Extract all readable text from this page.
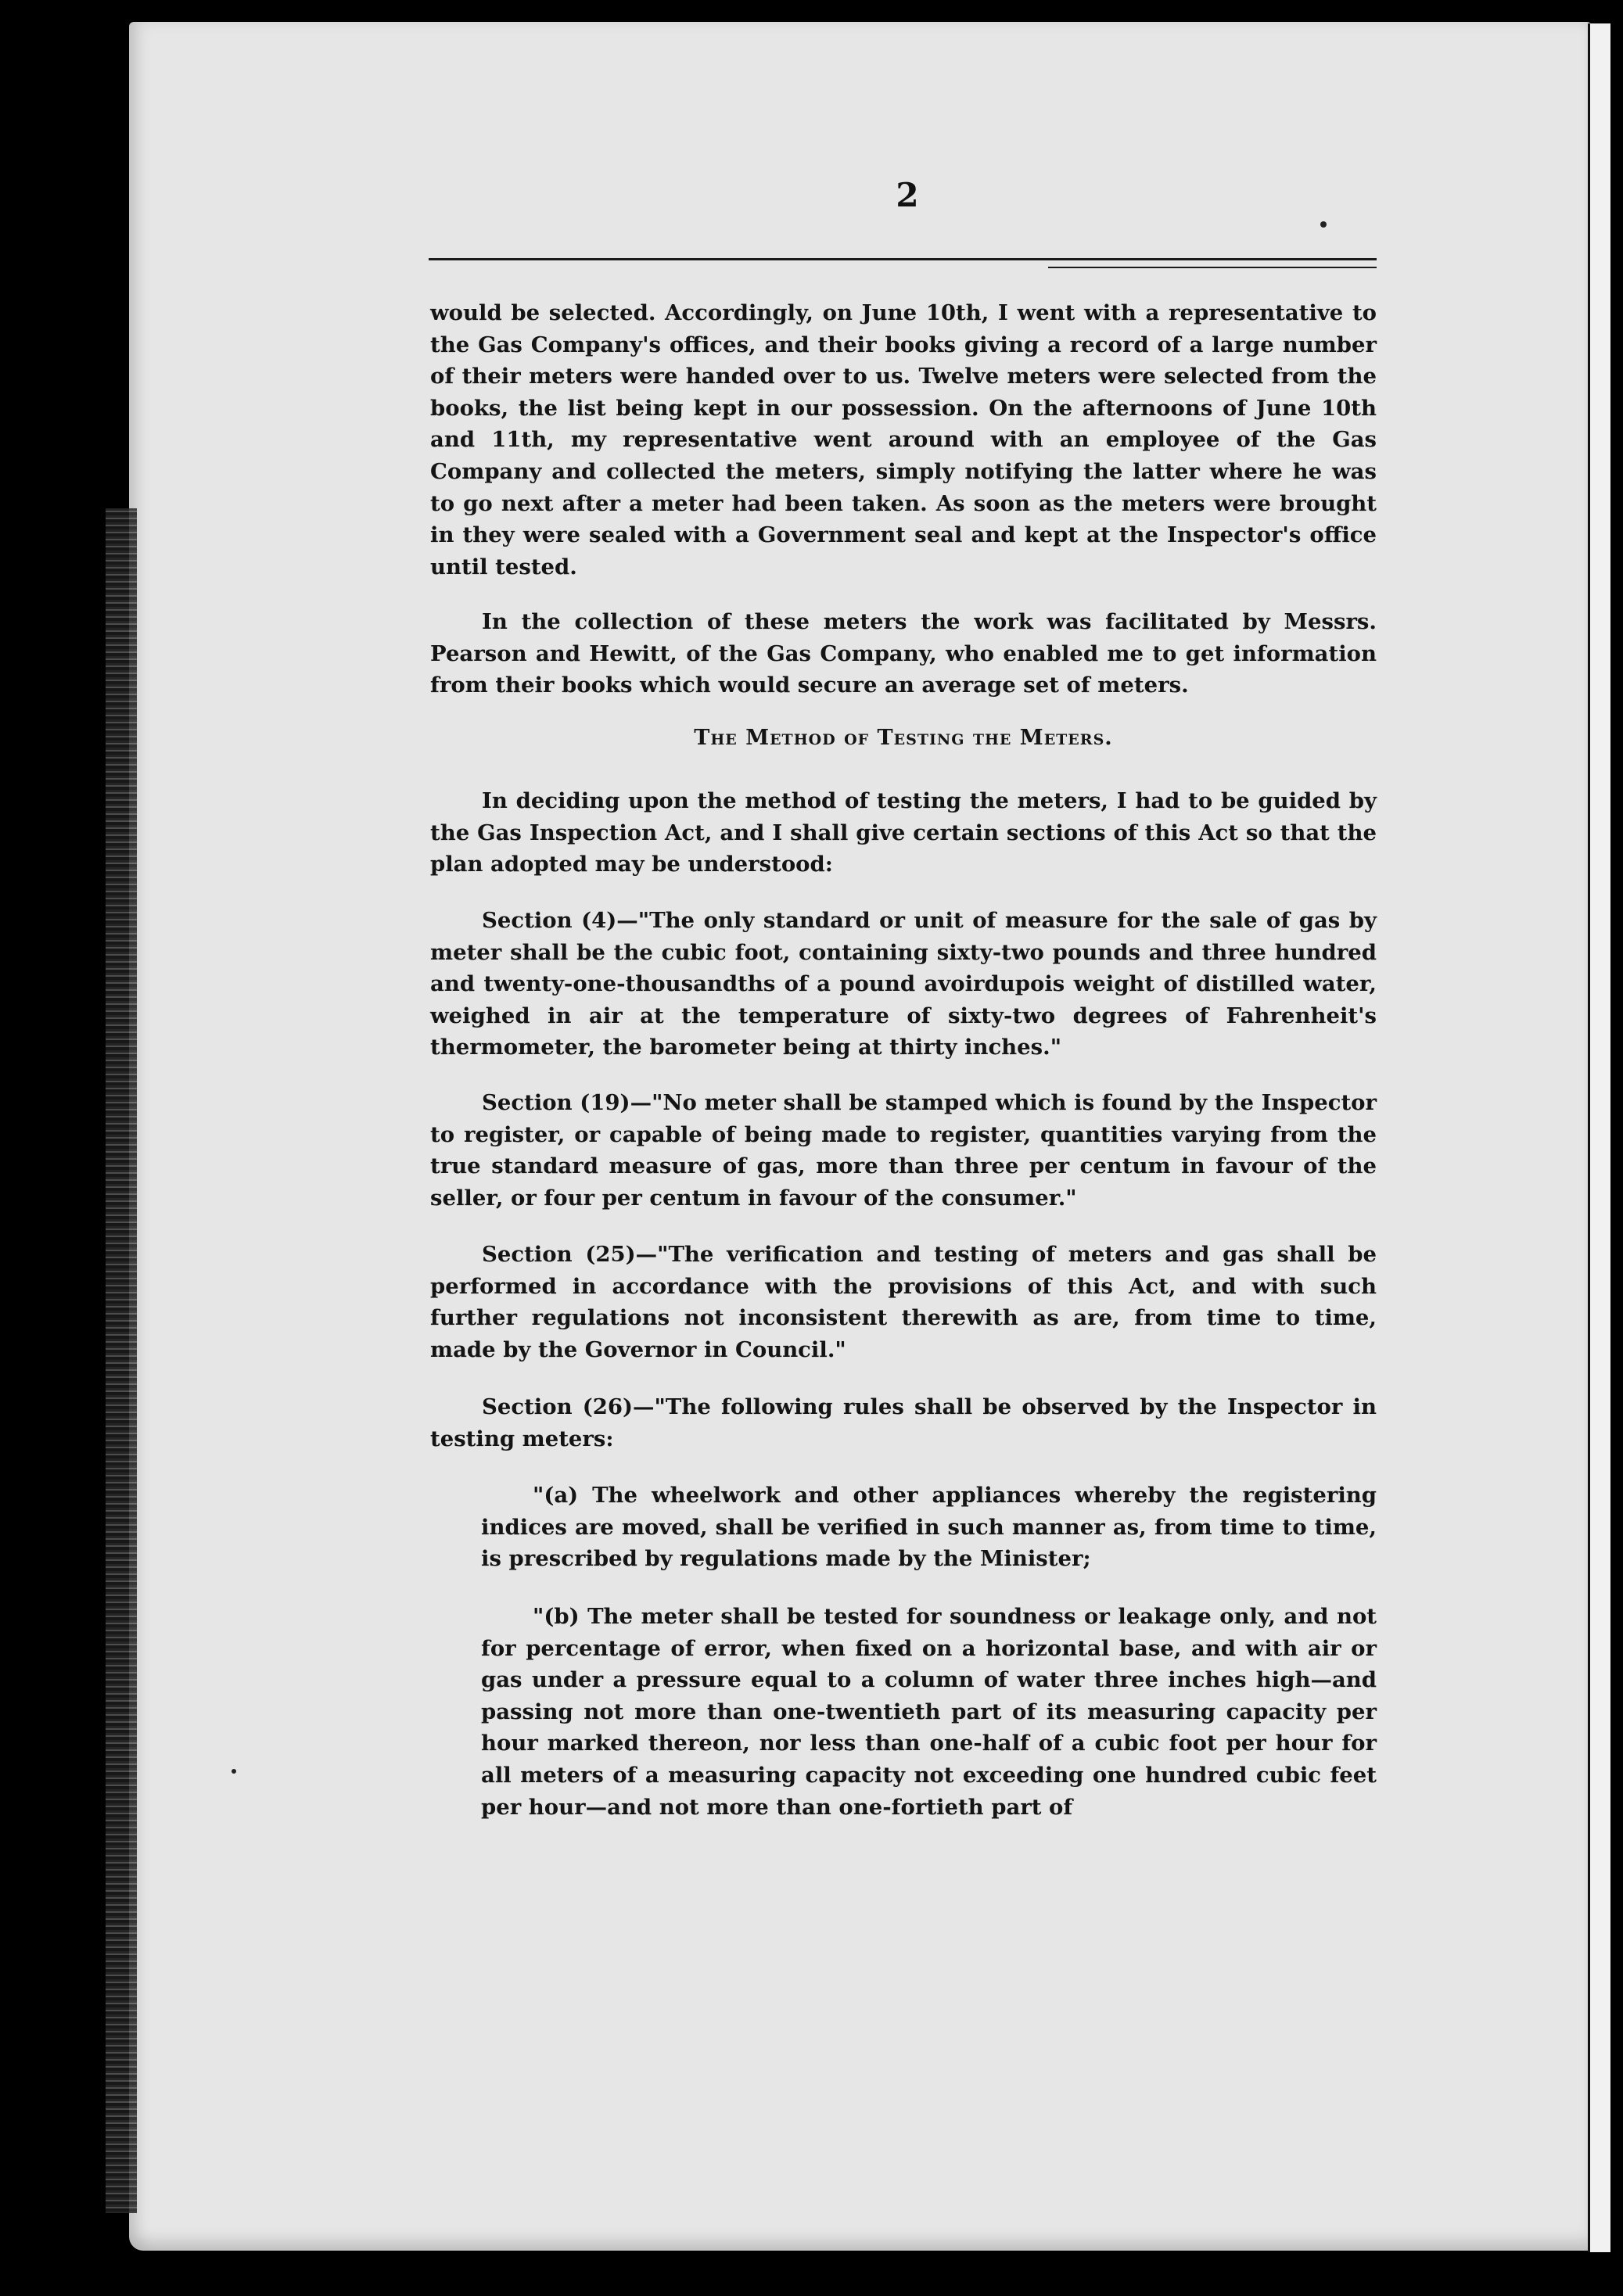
2

would be selected. Accordingly, on June 10th, I went with a representative to the Gas Company's offices, and their books giving a record of a large number of their meters were handed over to us. Twelve meters were selected from the books, the list being kept in our possession. On the afternoons of June 10th and 11th, my representative went around with an employee of the Gas Company and collected the meters, simply notifying the latter where he was to go next after a meter had been taken. As soon as the meters were brought in they were sealed with a Government seal and kept at the Inspector's office until tested.

In the collection of these meters the work was facilitated by Messrs. Pearson and Hewitt, of the Gas Company, who enabled me to get information from their books which would secure an average set of meters.

The Method of Testing the Meters.

In deciding upon the method of testing the meters, I had to be guided by the Gas Inspection Act, and I shall give certain sections of this Act so that the plan adopted may be understood:

Section (4)—"The only standard or unit of measure for the sale of gas by meter shall be the cubic foot, containing sixty-two pounds and three hundred and twenty-one-thousandths of a pound avoirdupois weight of distilled water, weighed in air at the temperature of sixty-two degrees of Fahrenheit's thermometer, the barometer being at thirty inches."

Section (19)—"No meter shall be stamped which is found by the Inspector to register, or capable of being made to register, quantities varying from the true standard measure of gas, more than three per centum in favour of the seller, or four per centum in favour of the consumer."

Section (25)—"The verification and testing of meters and gas shall be performed in accordance with the provisions of this Act, and with such further regulations not inconsistent therewith as are, from time to time, made by the Governor in Council."

Section (26)—"The following rules shall be observed by the Inspector in testing meters:

"(a) The wheelwork and other appliances whereby the registering indices are moved, shall be verified in such manner as, from time to time, is prescribed by regulations made by the Minister;

"(b) The meter shall be tested for soundness or leakage only, and not for percentage of error, when fixed on a horizontal base, and with air or gas under a pressure equal to a column of water three inches high—and passing not more than one-twentieth part of its measuring capacity per hour marked thereon, nor less than one-half of a cubic foot per hour for all meters of a measuring capacity not exceeding one hundred cubic feet per hour—and not more than one-fortieth part of
